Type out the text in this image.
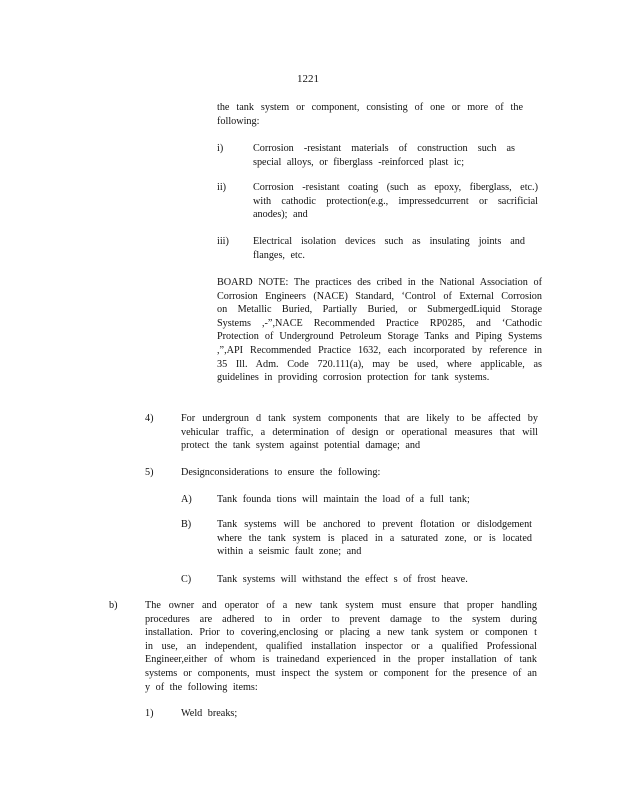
1221

the tank system or component, consisting of one or more of the following:

i)	Corrosion -resistant materials of construction such as special alloys, or fiberglass -reinforced plast ic;

ii)	Corrosion -resistant coating (such as epoxy, fiberglass, etc.) with cathodic protection(e.g., impressedcurrent or sacrificial anodes); and

iii) Electrical isolation devices such as insulating joints and flanges, etc.

BOARD NOTE: The practices des cribed in the National Association of Corrosion Engineers (NACE) Standard, ‘Control of External Corrosion on Metallic Buried, Partially Buried, or SubmergedLiquid Storage Systems ,-”,NACE Recommended Practice RP0285, and ‘Cathodic Protection of Underground Petroleum Storage Tanks and Piping Systems ,”,API Recommended Practice 1632, each incorporated by reference in 35 Ill. Adm. Code 720.111(a), may be used, where applicable, as guidelines in providing corrosion protection for tank systems.

4)	For undergroun d tank system components that are likely to be affected by vehicular traffic, a determination of design or operational measures that will protect the tank system against potential damage; and

5)	Designconsiderations to ensure the following:

A) Tank founda tions will maintain the load of a full tank;

B)	Tank systems will be anchored to prevent flotation or dislodgement where the tank system is placed in a saturated zone, or is located within a seismic fault zone; and

C)	Tank systems will withstand the effect s of frost heave.

b)	The owner and operator of a new tank system must ensure that proper handling procedures are adhered to in order to prevent damage to the system during installation. Prior to covering,enclosing or placing a new tank system or componen t in use, an independent, qualified installation inspector or a qualified Professional Engineer,either of whom is trainedand experienced in the proper installation of tank systems or components, must inspect the system or component for the presence of an y of the following items:

1)	Weld breaks;
